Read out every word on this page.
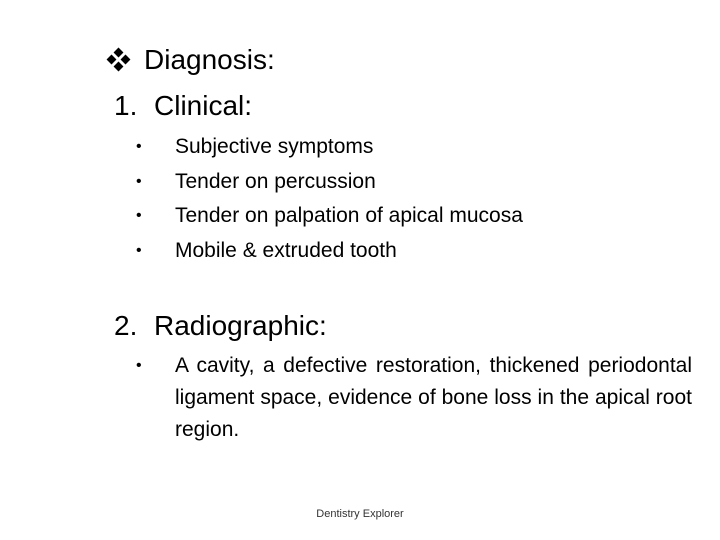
Diagnosis:
1. Clinical:
•	Subjective symptoms
•	Tender on percussion
•	Tender on palpation of apical mucosa
•	Mobile & extruded tooth
2. Radiographic:
•	A cavity, a defective restoration, thickened periodontal ligament space, evidence of bone loss in the apical root region.
Dentistry Explorer
